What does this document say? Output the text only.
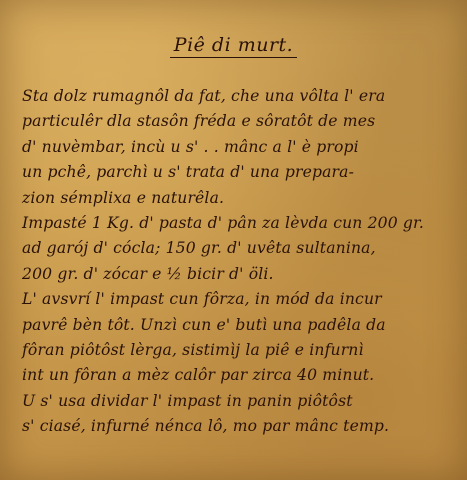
Piê di murt.
Sta dolz rumagnôl da fat, che una vôlta l' era
particulêr dla stasôn fréda e sôratôt de mes
d' nuvèmbar, incù u s' . . mânc a l' è propi
un pchê, parchì u s' trata d' una prepara-
zion sémplixa e naturêla.
Impasté 1 Kg. d' pasta d' pân za lèvda cun 200 gr.
ad garój d' cócla; 150 gr. d' uvêta sultanina,
200 gr. d' zócar e ½ bicir d' öli.
L' avsvrí l' impast cun fôrza, in mód da incur
pavrê bèn tôt. Unzì cun e' butì una padêla da
fôran piôtôst lèrga, sistimìj la piê e infurnì
int un fôran a mèz calôr par zirca 40 minut.
U s' usa dividar l' impast in panin piôtôst
s' ciasé, infurné nénca lô, mo par mânc temp.
